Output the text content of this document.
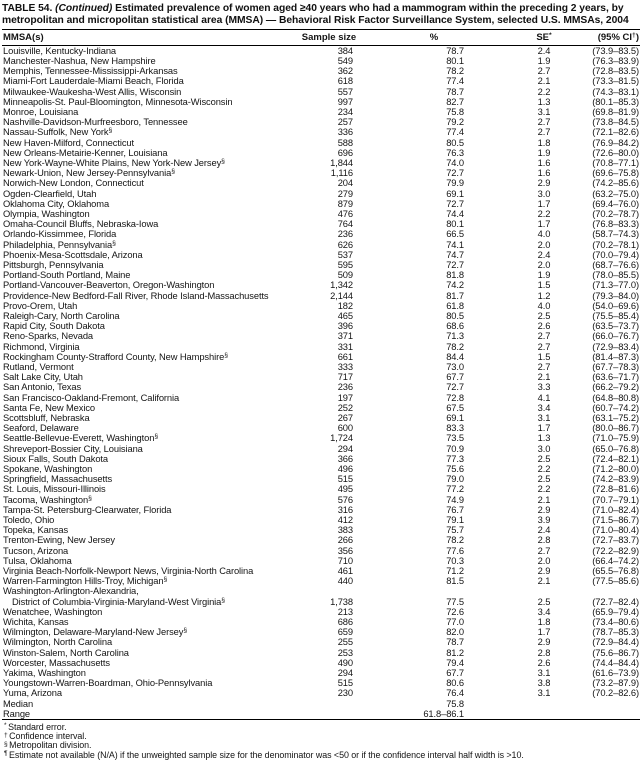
TABLE 54. (Continued) Estimated prevalence of women aged ≥40 years who had a mammogram within the preceding 2 years, by metropolitan and micropolitan statistical area (MMSA) — Behavioral Risk Factor Surveillance System, selected U.S. MMSAs, 2004
MMSA(s)	Sample size	%	SE*	(95% CI†)
Louisville, Kentucky-Indiana	384	78.7	2.4	(73.9–83.5)
Manchester-Nashua, New Hampshire	549	80.1	1.9	(76.3–83.9)
Memphis, Tennessee-Mississippi-Arkansas	362	78.2	2.7	(72.8–83.5)
Miami-Fort Lauderdale-Miami Beach, Florida	618	77.4	2.1	(73.3–81.5)
Milwaukee-Waukesha-West Allis, Wisconsin	557	78.7	2.2	(74.3–83.1)
Minneapolis-St. Paul-Bloomington, Minnesota-Wisconsin	997	82.7	1.3	(80.1–85.3)
Monroe, Louisiana	234	75.8	3.1	(69.8–81.9)
Nashville-Davidson-Murfreesboro, Tennessee	257	79.2	2.7	(73.8–84.5)
Nassau-Suffolk, New York§	336	77.4	2.7	(72.1–82.6)
New Haven-Milford, Connecticut	588	80.5	1.8	(76.9–84.2)
New Orleans-Metairie-Kenner, Louisiana	696	76.3	1.9	(72.6–80.0)
New York-Wayne-White Plains, New York-New Jersey§	1,844	74.0	1.6	(70.8–77.1)
Newark-Union, New Jersey-Pennsylvania§	1,116	72.7	1.6	(69.6–75.8)
Norwich-New London, Connecticut	204	79.9	2.9	(74.2–85.6)
Ogden-Clearfield, Utah	279	69.1	3.0	(63.2–75.0)
Oklahoma City, Oklahoma	879	72.7	1.7	(69.4–76.0)
Olympia, Washington	476	74.4	2.2	(70.2–78.7)
Omaha-Council Bluffs, Nebraska-Iowa	764	80.1	1.7	(76.8–83.3)
Orlando-Kissimmee, Florida	236	66.5	4.0	(58.7–74.3)
Philadelphia, Pennsylvania§	626	74.1	2.0	(70.2–78.1)
Phoenix-Mesa-Scottsdale, Arizona	537	74.7	2.4	(70.0–79.4)
Pittsburgh, Pennsylvania	595	72.7	2.0	(68.7–76.6)
Portland-South Portland, Maine	509	81.8	1.9	(78.0–85.5)
Portland-Vancouver-Beaverton, Oregon-Washington	1,342	74.2	1.5	(71.3–77.0)
Providence-New Bedford-Fall River, Rhode Island-Massachusetts	2,144	81.7	1.2	(79.3–84.0)
Provo-Orem, Utah	182	61.8	4.0	(54.0–69.6)
Raleigh-Cary, North Carolina	465	80.5	2.5	(75.5–85.4)
Rapid City, South Dakota	396	68.6	2.6	(63.5–73.7)
Reno-Sparks, Nevada	371	71.3	2.7	(66.0–76.7)
Richmond, Virginia	331	78.2	2.7	(72.9–83.4)
Rockingham County-Strafford County, New Hampshire§	661	84.4	1.5	(81.4–87.3)
Rutland, Vermont	333	73.0	2.7	(67.7–78.3)
Salt Lake City, Utah	717	67.7	2.1	(63.6–71.7)
San Antonio, Texas	236	72.7	3.3	(66.2–79.2)
San Francisco-Oakland-Fremont, California	197	72.8	4.1	(64.8–80.8)
Santa Fe, New Mexico	252	67.5	3.4	(60.7–74.2)
Scottsbluff, Nebraska	267	69.1	3.1	(63.1–75.2)
Seaford, Delaware	600	83.3	1.7	(80.0–86.7)
Seattle-Bellevue-Everett, Washington§	1,724	73.5	1.3	(71.0–75.9)
Shreveport-Bossier City, Louisiana	294	70.9	3.0	(65.0–76.8)
Sioux Falls, South Dakota	366	77.3	2.5	(72.4–82.1)
Spokane, Washington	496	75.6	2.2	(71.2–80.0)
Springfield, Massachusetts	515	79.0	2.5	(74.2–83.9)
St. Louis, Missouri-Illinois	495	77.2	2.2	(72.8–81.6)
Tacoma, Washington§	576	74.9	2.1	(70.7–79.1)
Tampa-St. Petersburg-Clearwater, Florida	316	76.7	2.9	(71.0–82.4)
Toledo, Ohio	412	79.1	3.9	(71.5–86.7)
Topeka, Kansas	383	75.7	2.4	(71.0–80.4)
Trenton-Ewing, New Jersey	266	78.2	2.8	(72.7–83.7)
Tucson, Arizona	356	77.6	2.7	(72.2–82.9)
Tulsa, Oklahoma	710	70.3	2.0	(66.4–74.2)
Virginia Beach-Norfolk-Newport News, Virginia-North Carolina	461	71.2	2.9	(65.5–76.8)
Warren-Farmington Hills-Troy, Michigan§	440	81.5	2.1	(77.5–85.6)

Washington-Arlington-Alexandria,
District of Columbia-Virginia-Maryland-West Virginia§	1,738	77.5	2.5	(72.7–82.4)
Wenatchee, Washington	213	72.6	3.4	(65.9–79.4)
Wichita, Kansas	686	77.0	1.8	(73.4–80.6)
Wilmington, Delaware-Maryland-New Jersey§	659	82.0	1.7	(78.7–85.3)
Wilmington, North Carolina	255	78.7	2.9	(72.9–84.4)
Winston-Salem, North Carolina	253	81.2	2.8	(75.6–86.7)
Worcester, Massachusetts	490	79.4	2.6	(74.4–84.4)
Yakima, Washington	294	67.7	3.1	(61.6–73.9)
Youngstown-Warren-Boardman, Ohio-Pennsylvania	515	80.6	3.8	(73.2–87.9)
Yuma, Arizona	230	76.4	3.1	(70.2–82.6)
Median		75.8		
Range		61.8–86.1		
* Standard error.
† Confidence interval.
§ Metropolitan division.
¶ Estimate not available (N/A) if the unweighted sample size for the denominator was <50 or if the confidence interval half width is >10.
